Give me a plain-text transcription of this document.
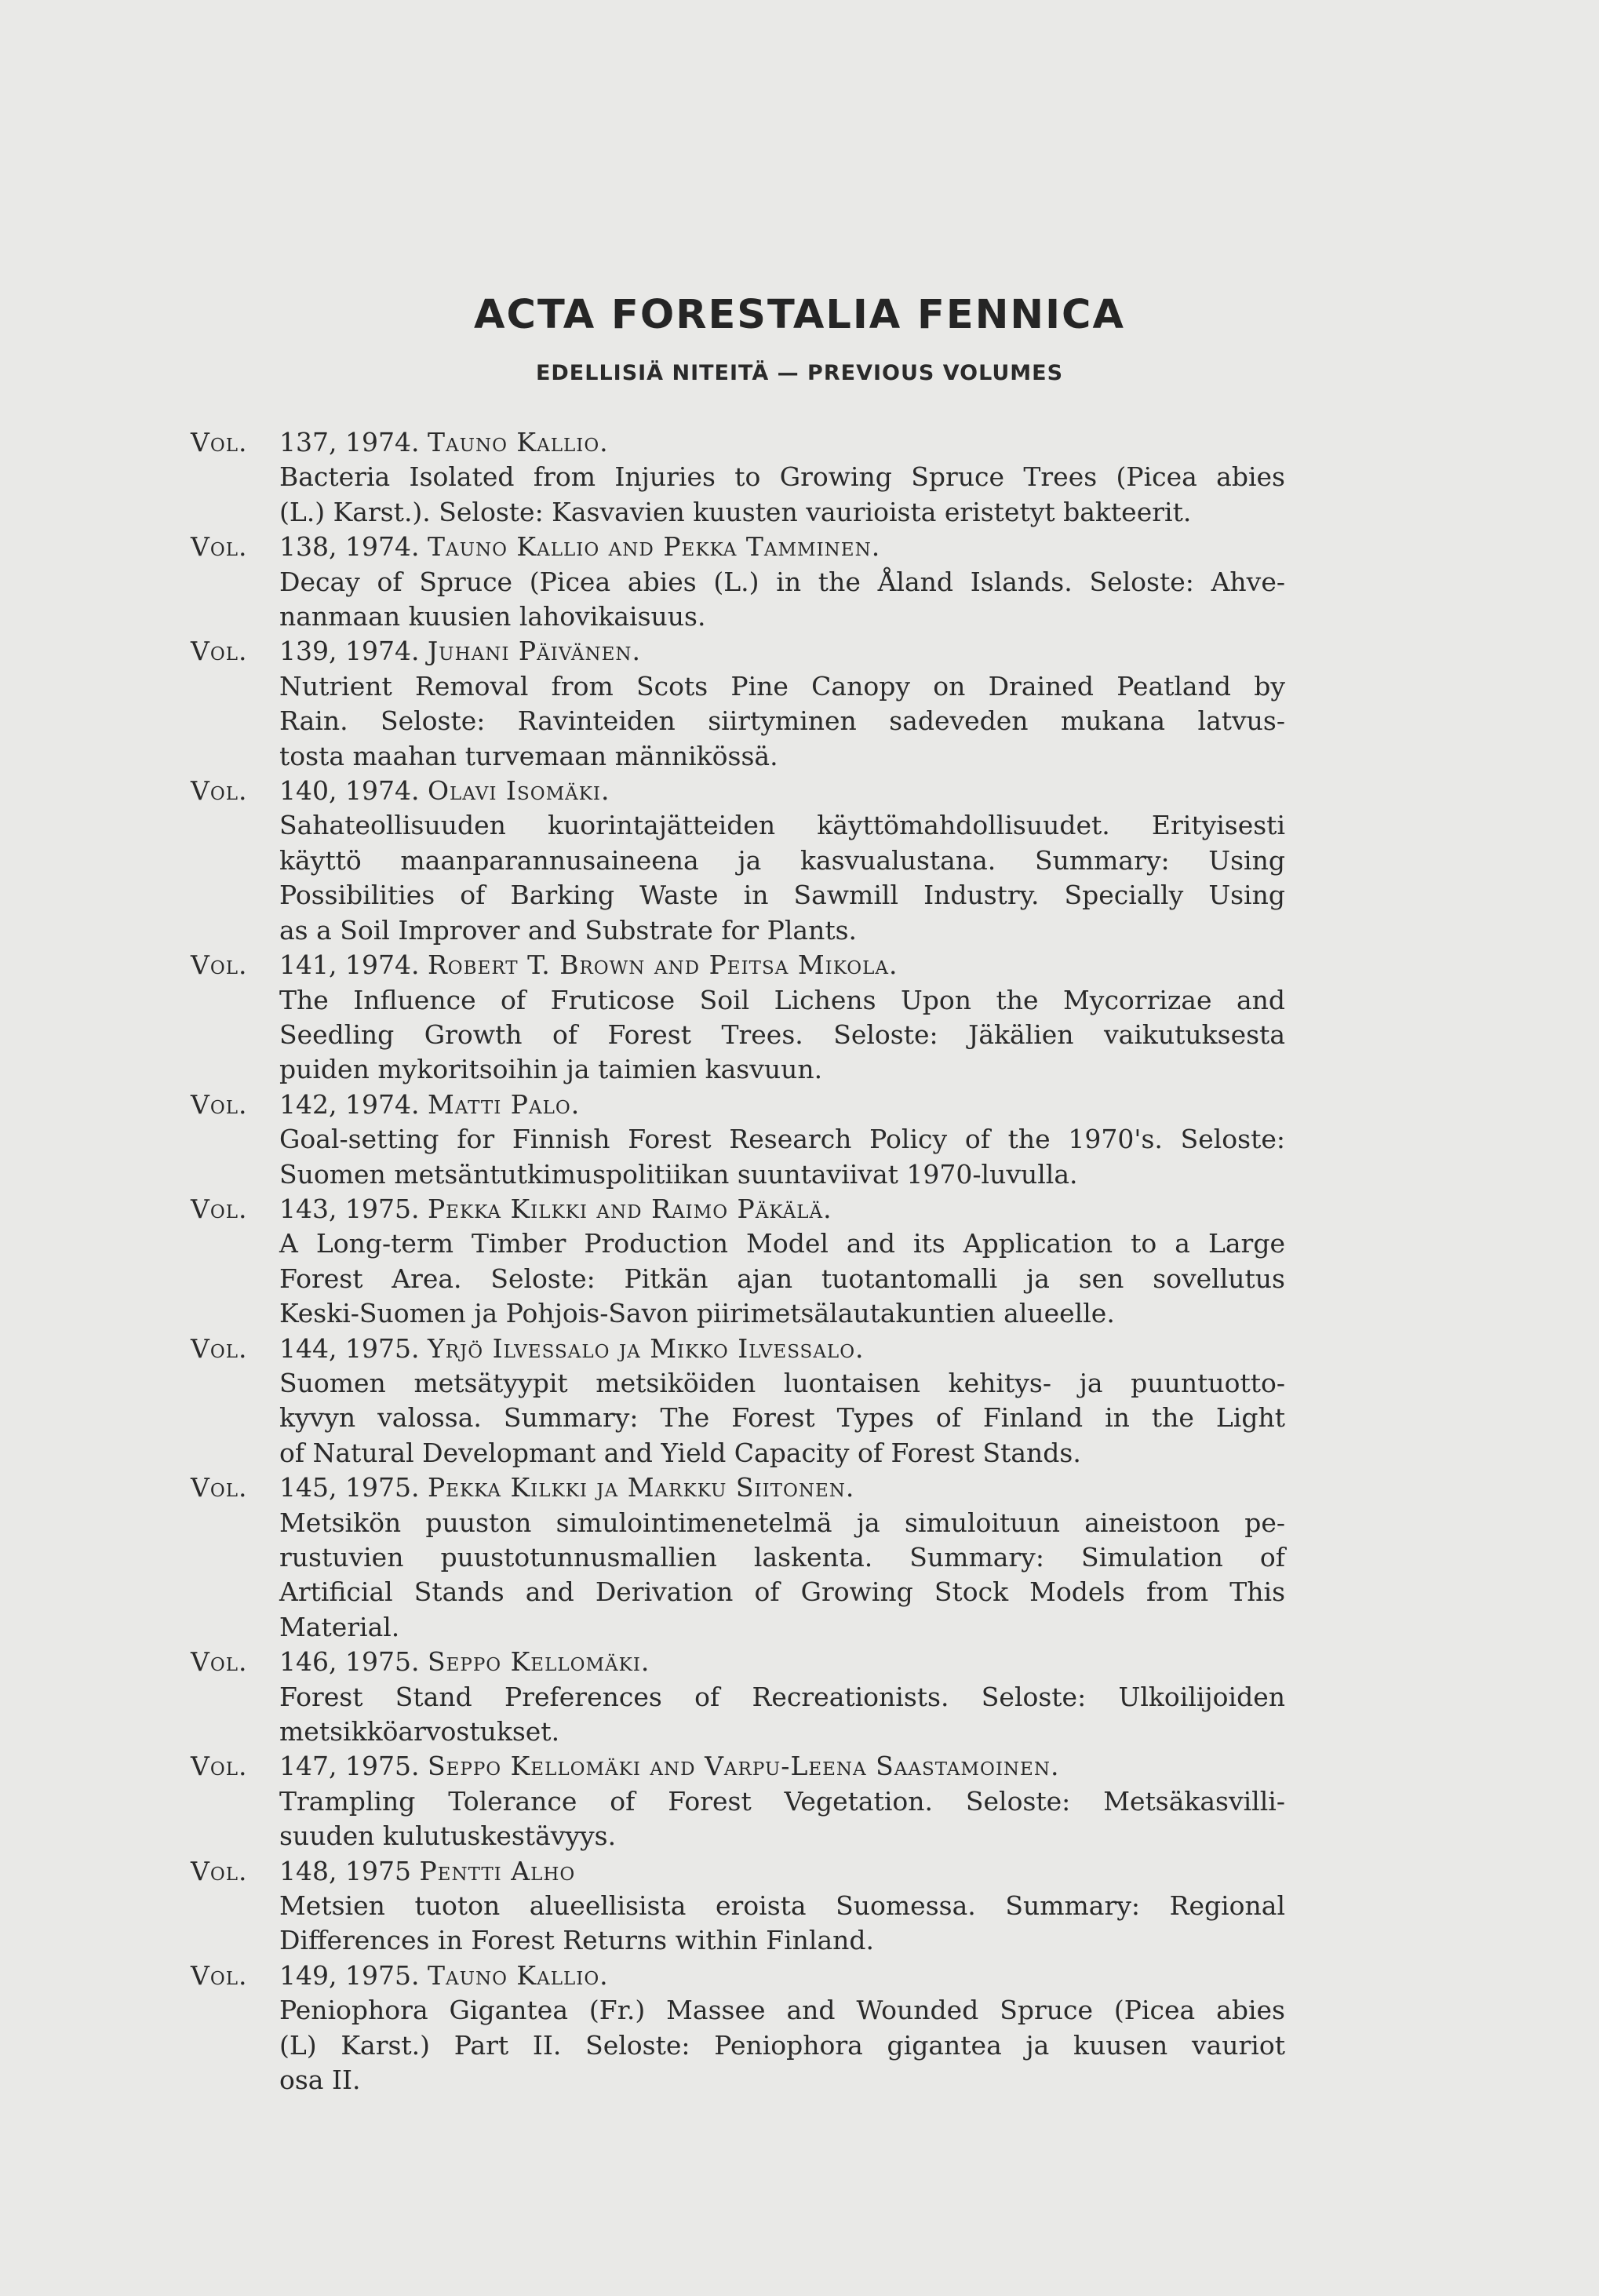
ACTA FORESTALIA FENNICA
EDELLISIÄ NITEITÄ — PREVIOUS VOLUMES
Vol.	137, 1974. Tauno Kallio.
Bacteria Isolated from Injuries to Growing Spruce Trees (Picea abies
(L.) Karst.). Seloste: Kasvavien kuusten vaurioista eristetyt bakteerit.
Vol.	138, 1974. Tauno Kallio and Pekka Tamminen.
Decay of Spruce (Picea abies (L.) in the Åland Islands. Seloste: Ahve-
nanmaan kuusien lahovikaisuus.
Vol.	139, 1974. Juhani Päivänen.
Nutrient Removal from Scots Pine Canopy on Drained Peatland by
Rain. Seloste: Ravinteiden siirtyminen sadeveden mukana latvus-
tosta maahan turvemaan männikössä.
Vol.	140, 1974. Olavi Isomäki.
Sahateollisuuden kuorintajätteiden käyttömahdollisuudet. Erityisesti
käyttö maanparannusaineena ja kasvualustana. Summary: Using
Possibilities of Barking Waste in Sawmill Industry. Specially Using
as a Soil Improver and Substrate for Plants.
Vol.	141, 1974. Robert T. Brown and Peitsa Mikola.
The Influence of Fruticose Soil Lichens Upon the Mycorrizae and
Seedling Growth of Forest Trees. Seloste: Jäkälien vaikutuksesta
puiden mykoritsoihin ja taimien kasvuun.
Vol.	142, 1974. Matti Palo.
Goal-setting for Finnish Forest Research Policy of the 1970's. Seloste:
Suomen metsäntutkimuspolitiikan suuntaviivat 1970-luvulla.
Vol.	143, 1975. Pekka Kilkki and Raimo Päkälä.
A Long-term Timber Production Model and its Application to a Large
Forest Area. Seloste: Pitkän ajan tuotantomalli ja sen sovellutus
Keski-Suomen ja Pohjois-Savon piirimetsälautakuntien alueelle.
Vol.	144, 1975. Yrjö Ilvessalo ja Mikko Ilvessalo.
Suomen metsätyypit metsiköiden luontaisen kehitys- ja puuntuotto-
kyvyn valossa. Summary: The Forest Types of Finland in the Light
of Natural Developmant and Yield Capacity of Forest Stands.
Vol.	145, 1975. Pekka Kilkki ja Markku Siitonen.
Metsikön puuston simulointimenetelmä ja simuloituun aineistoon pe-
rustuvien puustotunnusmallien laskenta. Summary: Simulation of
Artificial Stands and Derivation of Growing Stock Models from This
Material.
Vol.	146, 1975. Seppo Kellomäki.
Forest Stand Preferences of Recreationists. Seloste: Ulkoilijoiden
metsikköarvostukset.
Vol.	147, 1975. Seppo Kellomäki and Varpu-Leena Saastamoinen.
Trampling Tolerance of Forest Vegetation. Seloste: Metsäkasvilli-
suuden kulutuskestävyys.
Vol.	148, 1975 Pentti Alho
Metsien tuoton alueellisista eroista Suomessa. Summary: Regional
Differences in Forest Returns within Finland.
Vol.	149, 1975. Tauno Kallio.
Peniophora Gigantea (Fr.) Massee and Wounded Spruce (Picea abies
(L) Karst.) Part II. Seloste: Peniophora gigantea ja kuusen vauriot
osa II.
